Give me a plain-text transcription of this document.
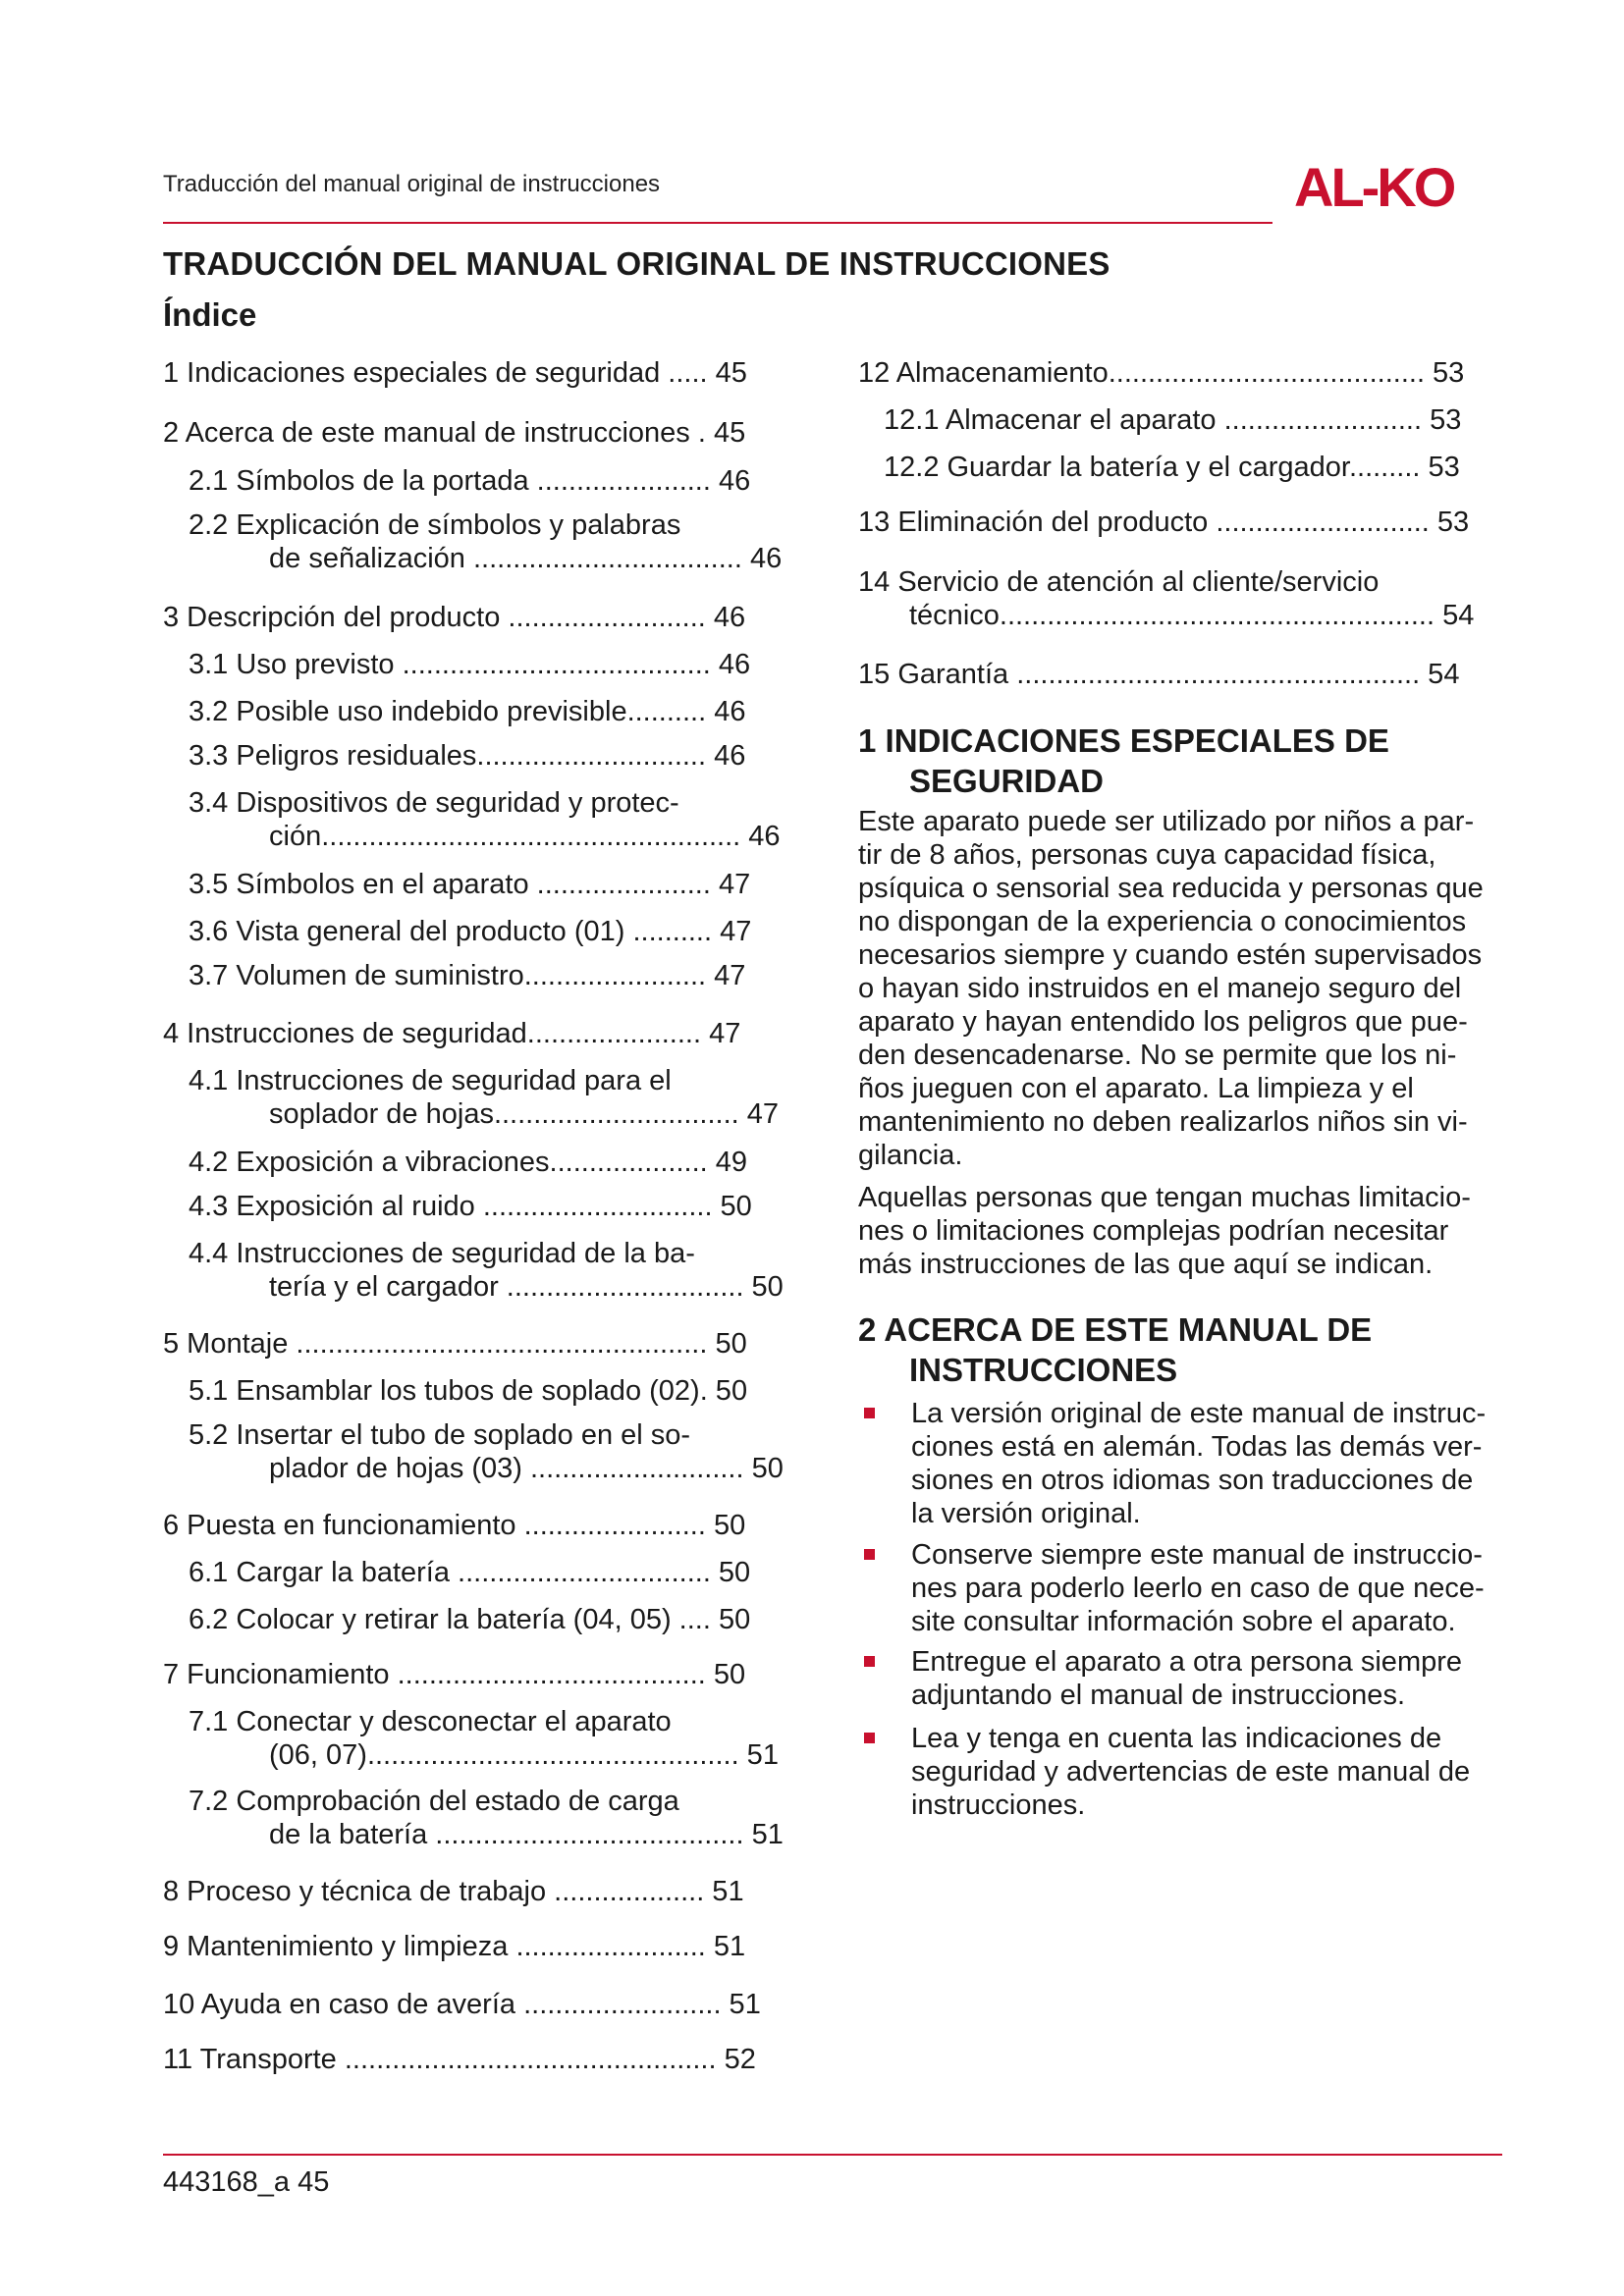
Traducción del manual original de instrucciones	AL-KO
TRADUCCIÓN DEL MANUAL ORIGINAL DE INSTRUCCIONES
Índice
1 Indicaciones especiales de seguridad ..... 45
2 Acerca de este manual de instrucciones . 45
2.1 Símbolos de la portada ...................... 46
2.2 Explicación de símbolos y palabras
de señalización .................................. 46
3 Descripción del producto ......................... 46
3.1 Uso previsto ....................................... 46
3.2 Posible uso indebido previsible.......... 46
3.3 Peligros residuales............................. 46
3.4 Dispositivos de seguridad y protec-
ción..................................................... 46
3.5 Símbolos en el aparato ...................... 47
3.6 Vista general del producto (01) .......... 47
3.7 Volumen de suministro....................... 47
4 Instrucciones de seguridad...................... 47
4.1 Instrucciones de seguridad para el
soplador de hojas............................... 47
4.2 Exposición a vibraciones.................... 49
4.3 Exposición al ruido ............................. 50
4.4 Instrucciones de seguridad de la ba-
tería y el cargador .............................. 50
5 Montaje .................................................... 50
5.1 Ensamblar los tubos de soplado (02). 50
5.2 Insertar el tubo de soplado en el so-
plador de hojas (03) ........................... 50
6 Puesta en funcionamiento ....................... 50
6.1 Cargar la batería ................................ 50
6.2 Colocar y retirar la batería (04, 05) .... 50
7 Funcionamiento ....................................... 50
7.1 Conectar y desconectar el aparato
(06, 07)............................................... 51
7.2 Comprobación del estado de carga
de la batería ....................................... 51
8 Proceso y técnica de trabajo ................... 51
9 Mantenimiento y limpieza ........................ 51
10 Ayuda en caso de avería ......................... 51
11 Transporte ............................................... 52
12 Almacenamiento........................................ 53
12.1 Almacenar el aparato ......................... 53
12.2 Guardar la batería y el cargador......... 53
13 Eliminación del producto ........................... 53
14 Servicio de atención al cliente/servicio
técnico....................................................... 54
15 Garantía ................................................... 54
1 INDICACIONES ESPECIALES DE
SEGURIDAD
Este aparato puede ser utilizado por niños a par-
tir de 8 años, personas cuya capacidad física,
psíquica o sensorial sea reducida y personas que
no dispongan de la experiencia o conocimientos
necesarios siempre y cuando estén supervisados
o hayan sido instruidos en el manejo seguro del
aparato y hayan entendido los peligros que pue-
den desencadenarse. No se permite que los ni-
ños jueguen con el aparato. La limpieza y el
mantenimiento no deben realizarlos niños sin vi-
gilancia.
Aquellas personas que tengan muchas limitacio-
nes o limitaciones complejas podrían necesitar
más instrucciones de las que aquí se indican.
2 ACERCA DE ESTE MANUAL DE
INSTRUCCIONES
La versión original de este manual de instruc-
ciones está en alemán. Todas las demás ver-
siones en otros idiomas son traducciones de
la versión original.
Conserve siempre este manual de instruccio-
nes para poderlo leerlo en caso de que nece-
site consultar información sobre el aparato.
Entregue el aparato a otra persona siempre
adjuntando el manual de instrucciones.
Lea y tenga en cuenta las indicaciones de
seguridad y advertencias de este manual de
instrucciones.
443168_a 45
